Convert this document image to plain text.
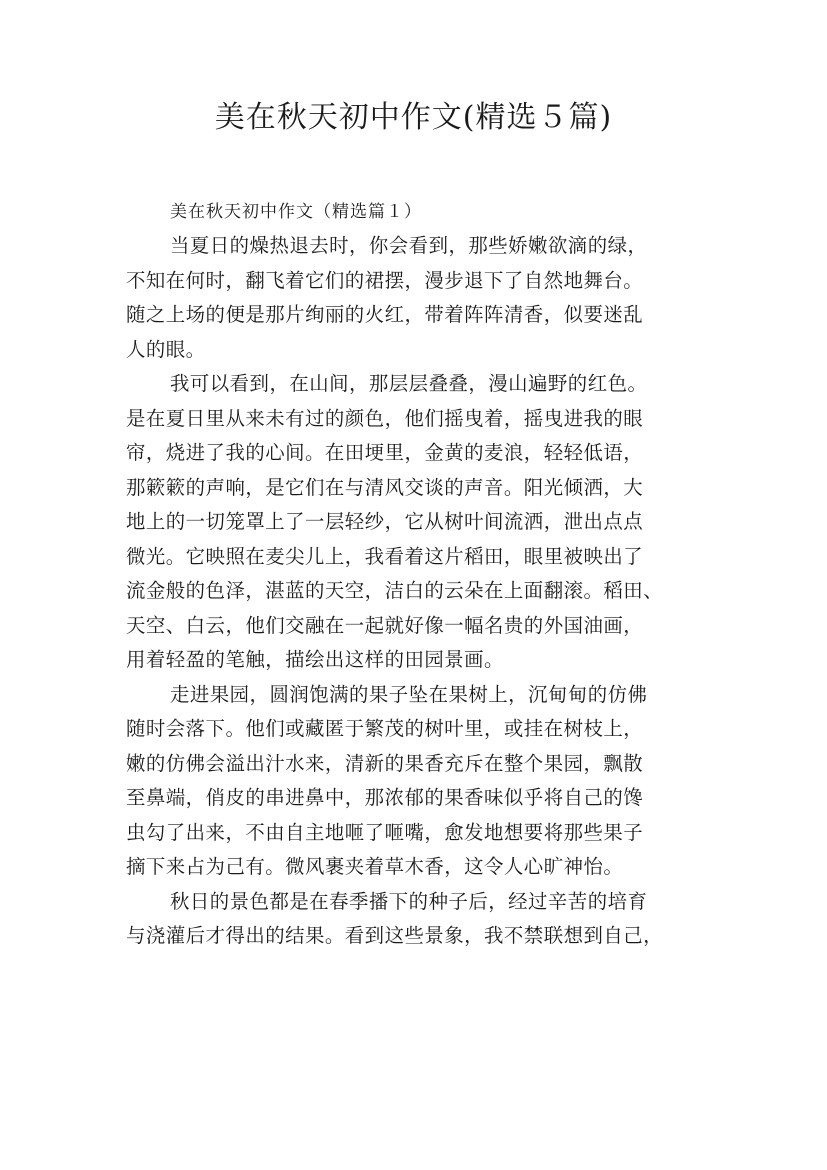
美在秋天初中作文(精选５篇)
美在秋天初中作文（精选篇１）
当夏日的燥热退去时，你会看到，那些娇嫩欲滴的绿，
不知在何时，翻飞着它们的裙摆，漫步退下了自然地舞台。
随之上场的便是那片绚丽的火红，带着阵阵清香，似要迷乱
人的眼。
我可以看到，在山间，那层层叠叠，漫山遍野的红色。
是在夏日里从来未有过的颜色，他们摇曳着，摇曳进我的眼
帘，烧进了我的心间。在田埂里，金黄的麦浪，轻轻低语，
那簌簌的声响，是它们在与清风交谈的声音。阳光倾洒，大
地上的一切笼罩上了一层轻纱，它从树叶间流洒，泄出点点
微光。它映照在麦尖儿上，我看着这片稻田，眼里被映出了
流金般的色泽，湛蓝的天空，洁白的云朵在上面翻滚。稻田、
天空、白云，他们交融在一起就好像一幅名贵的外国油画，
用着轻盈的笔触，描绘出这样的田园景画。
走进果园，圆润饱满的果子坠在果树上，沉甸甸的仿佛
随时会落下。他们或藏匿于繁茂的树叶里，或挂在树枝上，
嫩的仿佛会溢出汁水来，清新的果香充斥在整个果园，飘散
至鼻端，俏皮的串进鼻中，那浓郁的果香味似乎将自己的馋
虫勾了出来，不由自主地咂了咂嘴，愈发地想要将那些果子
摘下来占为己有。微风裹夹着草木香，这令人心旷神怡。
秋日的景色都是在春季播下的种子后，经过辛苦的培育
与浇灌后才得出的结果。看到这些景象，我不禁联想到自己，
